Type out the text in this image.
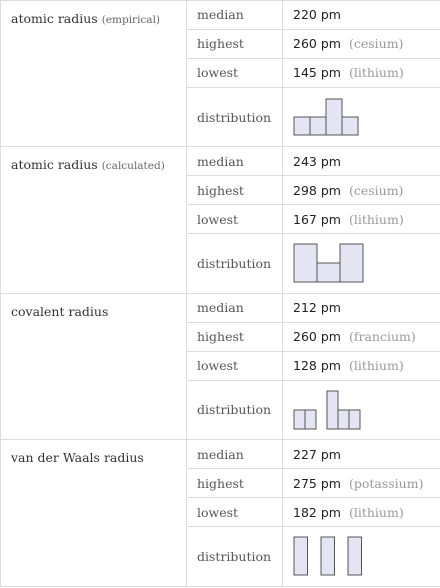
atomic radius (empirical)	median	220 pm
	highest	260 pm (cesium)
	lowest	145 pm (lithium)
	distribution	

atomic radius (calculated)	median	243 pm
	highest	298 pm (cesium)
	lowest	167 pm (lithium)
	distribution	

covalent radius	median	212 pm
	highest	260 pm (francium)
	lowest	128 pm (lithium)
	distribution	

van der Waals radius	median	227 pm
	highest	275 pm (potassium)
	lowest	182 pm (lithium)
	distribution	
